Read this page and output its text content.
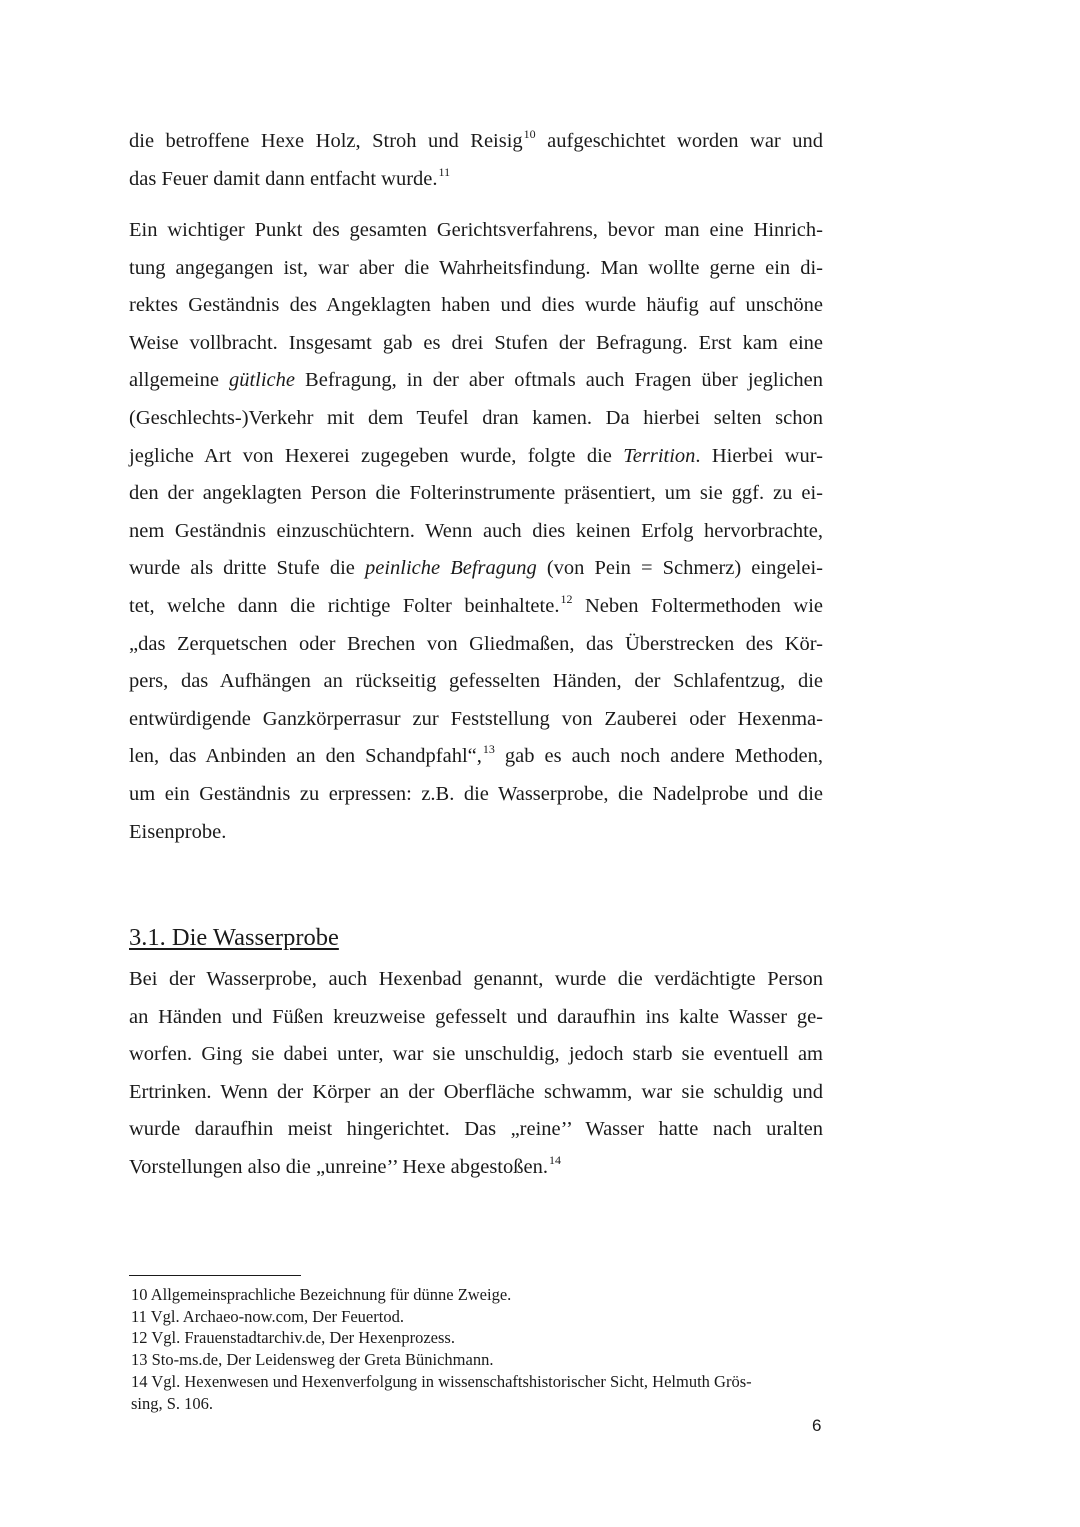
die betroffene Hexe Holz, Stroh und Reisig$^{10}$ aufgeschichtet worden war und
das Feuer damit dann entfacht wurde.$^{11}$
Ein wichtiger Punkt des gesamten Gerichtsverfahrens, bevor man eine Hinrich-
tung angegangen ist, war aber die Wahrheitsfindung. Man wollte gerne ein di-
rektes Geständnis des Angeklagten haben und dies wurde häufig auf unschöne
Weise vollbracht. Insgesamt gab es drei Stufen der Befragung. Erst kam eine
allgemeine gütliche Befragung, in der aber oftmals auch Fragen über jeglichen
(Geschlechts-)Verkehr mit dem Teufel dran kamen. Da hierbei selten schon
jegliche Art von Hexerei zugegeben wurde, folgte die Territion. Hierbei wur-
den der angeklagten Person die Folterinstrumente präsentiert, um sie ggf. zu ei-
nem Geständnis einzuschüchtern. Wenn auch dies keinen Erfolg hervorbrachte,
wurde als dritte Stufe die peinliche Befragung (von Pein = Schmerz) eingelei-
tet, welche dann die richtige Folter beinhaltete.$^{12}$ Neben Foltermethoden wie
„das Zerquetschen oder Brechen von Gliedmaßen, das Überstrecken des Kör-
pers, das Aufhängen an rückseitig gefesselten Händen, der Schlafentzug, die
entwürdigende Ganzkörperrasur zur Feststellung von Zauberei oder Hexenma-
len, das Anbinden an den Schandpfahl“,$^{13}$ gab es auch noch andere Methoden,
um ein Geständnis zu erpressen: z.B. die Wasserprobe, die Nadelprobe und die
Eisenprobe.
3.1. Die Wasserprobe
Bei der Wasserprobe, auch Hexenbad genannt, wurde die verdächtigte Person
an Händen und Füßen kreuzweise gefesselt und daraufhin ins kalte Wasser ge-
worfen. Ging sie dabei unter, war sie unschuldig, jedoch starb sie eventuell am
Ertrinken. Wenn der Körper an der Oberfläche schwamm, war sie schuldig und
wurde daraufhin meist hingerichtet. Das „reine’’ Wasser hatte nach uralten
Vorstellungen also die „unreine’’ Hexe abgestoßen.$^{14}$
10 Allgemeinsprachliche Bezeichnung für dünne Zweige.
11 Vgl. Archaeo-now.com, Der Feuertod.
12 Vgl. Frauenstadtarchiv.de, Der Hexenprozess.
13 Sto-ms.de, Der Leidensweg der Greta Bünichmann.
14 Vgl. Hexenwesen und Hexenverfolgung in wissenschaftshistorischer Sicht, Helmuth Grös-
sing, S. 106.
6
